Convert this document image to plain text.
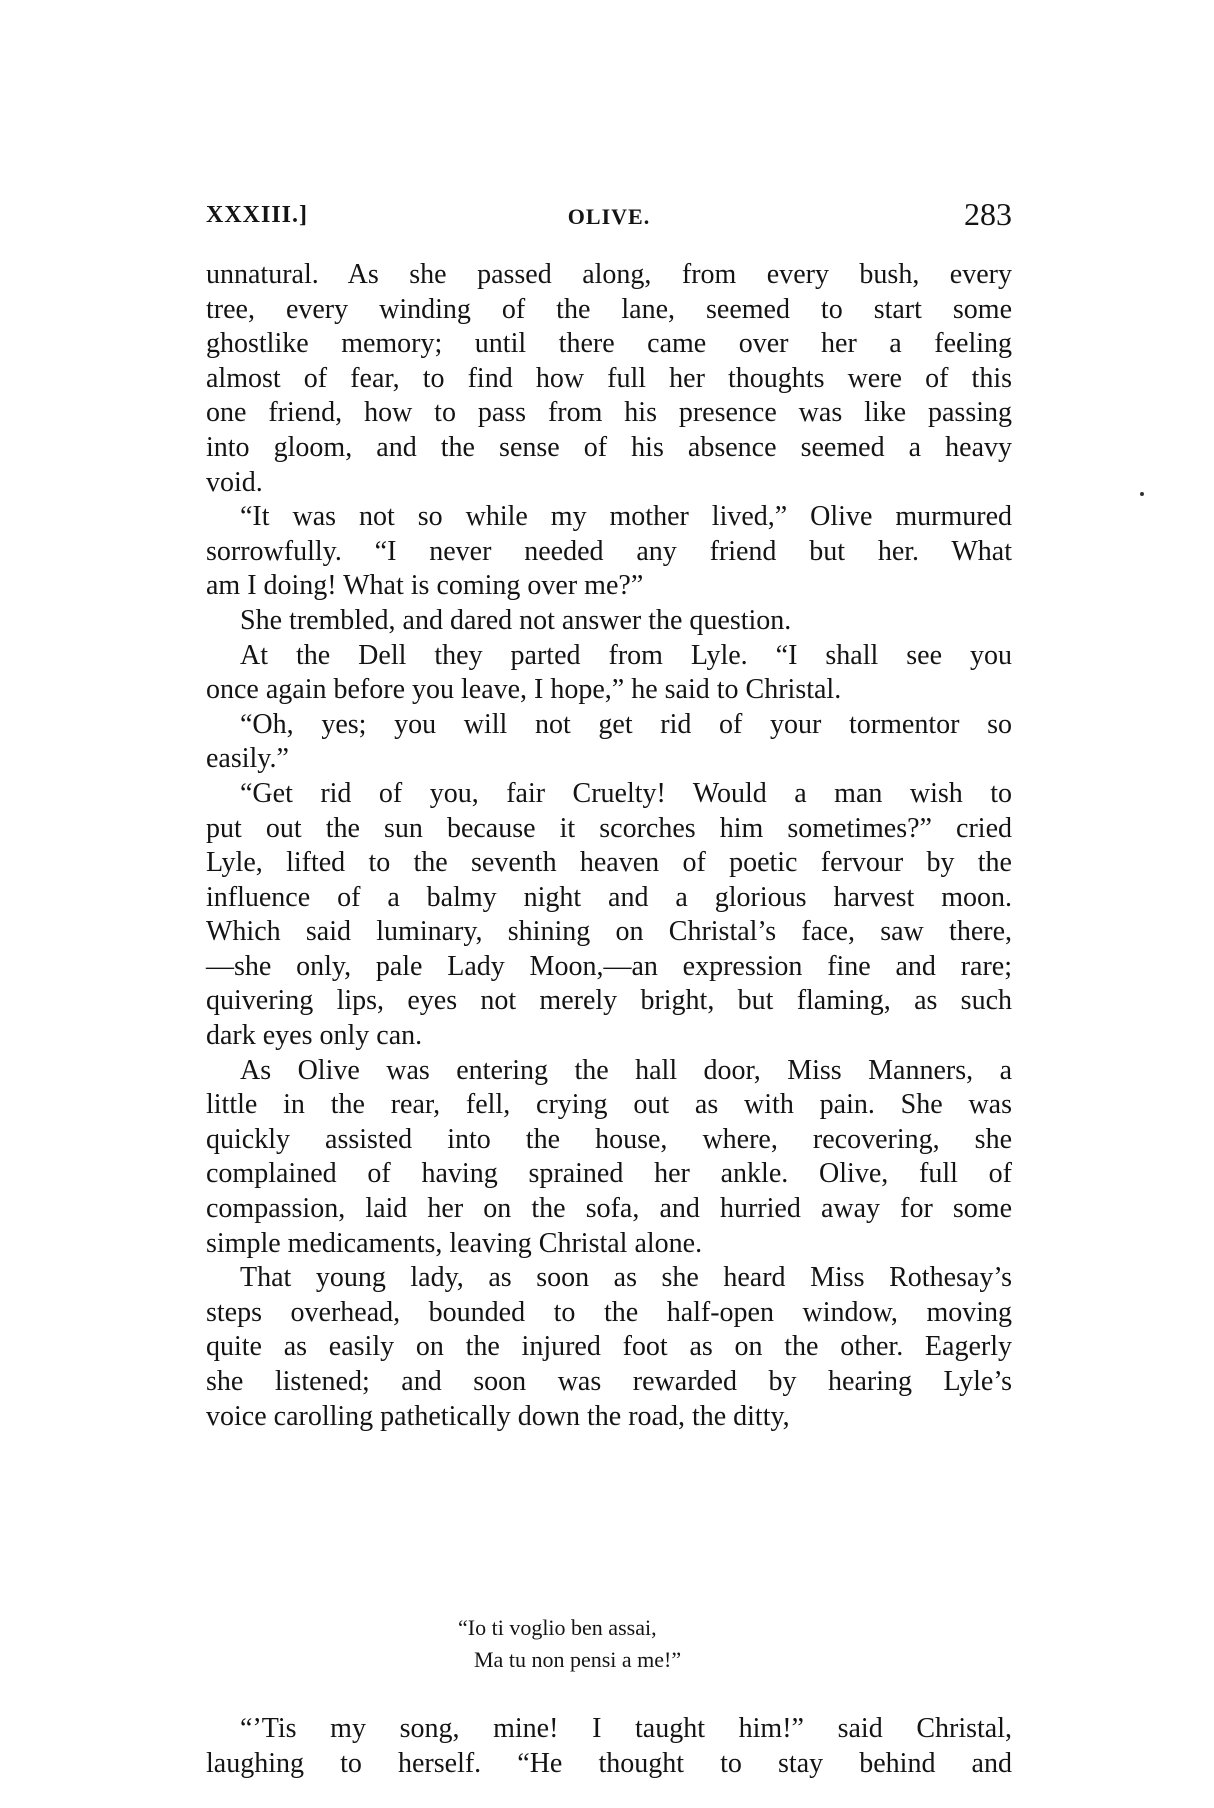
XXXIII.]	OLIVE.	283
unnatural. As she passed along, from every bush, every
tree, every winding of the lane, seemed to start some
ghostlike memory; until there came over her a feeling
almost of fear, to find how full her thoughts were of this
one friend, how to pass from his presence was like passing
into gloom, and the sense of his absence seemed a heavy
void.
“It was not so while my mother lived,” Olive murmured
sorrowfully. “I never needed any friend but her. What
am I doing! What is coming over me?”
She trembled, and dared not answer the question.
At the Dell they parted from Lyle. “I shall see you
once again before you leave, I hope,” he said to Christal.
“Oh, yes; you will not get rid of your tormentor so
easily.”
“Get rid of you, fair Cruelty! Would a man wish to
put out the sun because it scorches him sometimes?” cried
Lyle, lifted to the seventh heaven of poetic fervour by the
influence of a balmy night and a glorious harvest moon.
Which said luminary, shining on Christal’s face, saw there,
—she only, pale Lady Moon,—an expression fine and rare;
quivering lips, eyes not merely bright, but flaming, as such
dark eyes only can.
As Olive was entering the hall door, Miss Manners, a
little in the rear, fell, crying out as with pain. She was
quickly assisted into the house, where, recovering, she
complained of having sprained her ankle. Olive, full of
compassion, laid her on the sofa, and hurried away for some
simple medicaments, leaving Christal alone.
That young lady, as soon as she heard Miss Rothesay’s
steps overhead, bounded to the half-open window, moving
quite as easily on the injured foot as on the other. Eagerly
she listened; and soon was rewarded by hearing Lyle’s
voice carolling pathetically down the road, the ditty,
“Io ti voglio ben assai,
Ma tu non pensi a me!”
“’Tis my song, mine! I taught him!” said Christal,
laughing to herself. “He thought to stay behind and
